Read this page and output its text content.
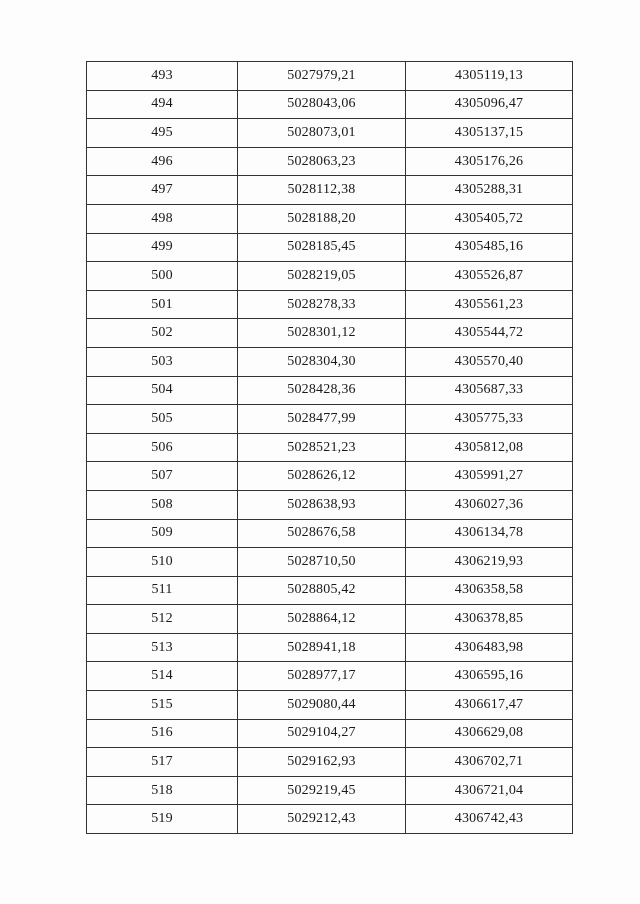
493	5027979,21	4305119,13
494	5028043,06	4305096,47
495	5028073,01	4305137,15
496	5028063,23	4305176,26
497	5028112,38	4305288,31
498	5028188,20	4305405,72
499	5028185,45	4305485,16
500	5028219,05	4305526,87
501	5028278,33	4305561,23
502	5028301,12	4305544,72
503	5028304,30	4305570,40
504	5028428,36	4305687,33
505	5028477,99	4305775,33
506	5028521,23	4305812,08
507	5028626,12	4305991,27
508	5028638,93	4306027,36
509	5028676,58	4306134,78
510	5028710,50	4306219,93
511	5028805,42	4306358,58
512	5028864,12	4306378,85
513	5028941,18	4306483,98
514	5028977,17	4306595,16
515	5029080,44	4306617,47
516	5029104,27	4306629,08
517	5029162,93	4306702,71
518	5029219,45	4306721,04
519	5029212,43	4306742,43
